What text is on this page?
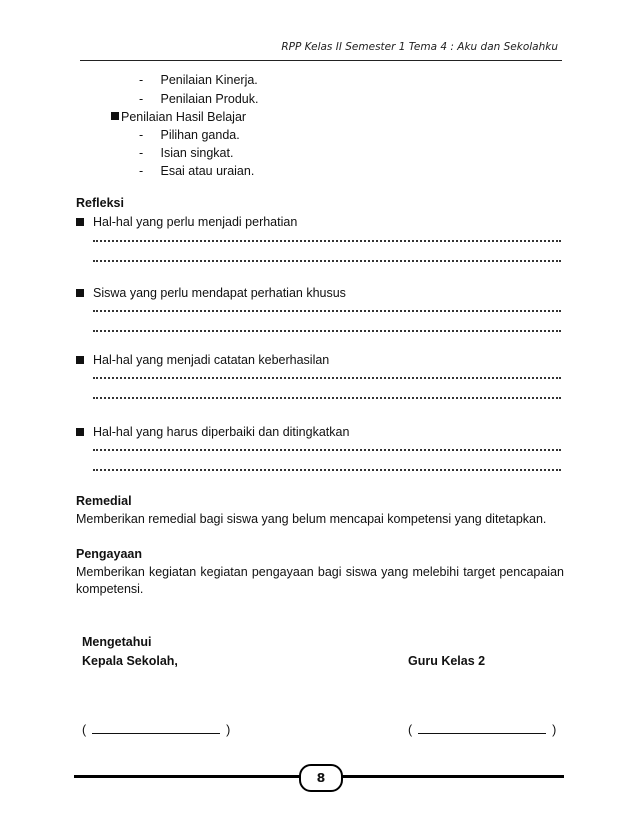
RPP Kelas II Semester 1 Tema 4 : Aku dan Sekolahku
- Penilaian Kinerja.
- Penilaian Produk.
Penilaian Hasil Belajar
- Pilihan ganda.
- Isian singkat.
- Esai atau uraian.
Refleksi
Hal-hal yang perlu menjadi perhatian
Siswa yang perlu mendapat perhatian khusus
Hal-hal yang menjadi catatan keberhasilan
Hal-hal yang harus diperbaiki dan ditingkatkan
Remedial
Memberikan remedial bagi siswa yang belum mencapai kompetensi yang ditetapkan.
Pengayaan
Memberikan kegiatan kegiatan pengayaan bagi siswa yang melebihi target pencapaian kompetensi.
Mengetahui
Kepala Sekolah,	Guru Kelas 2
(	)	(	)
8
